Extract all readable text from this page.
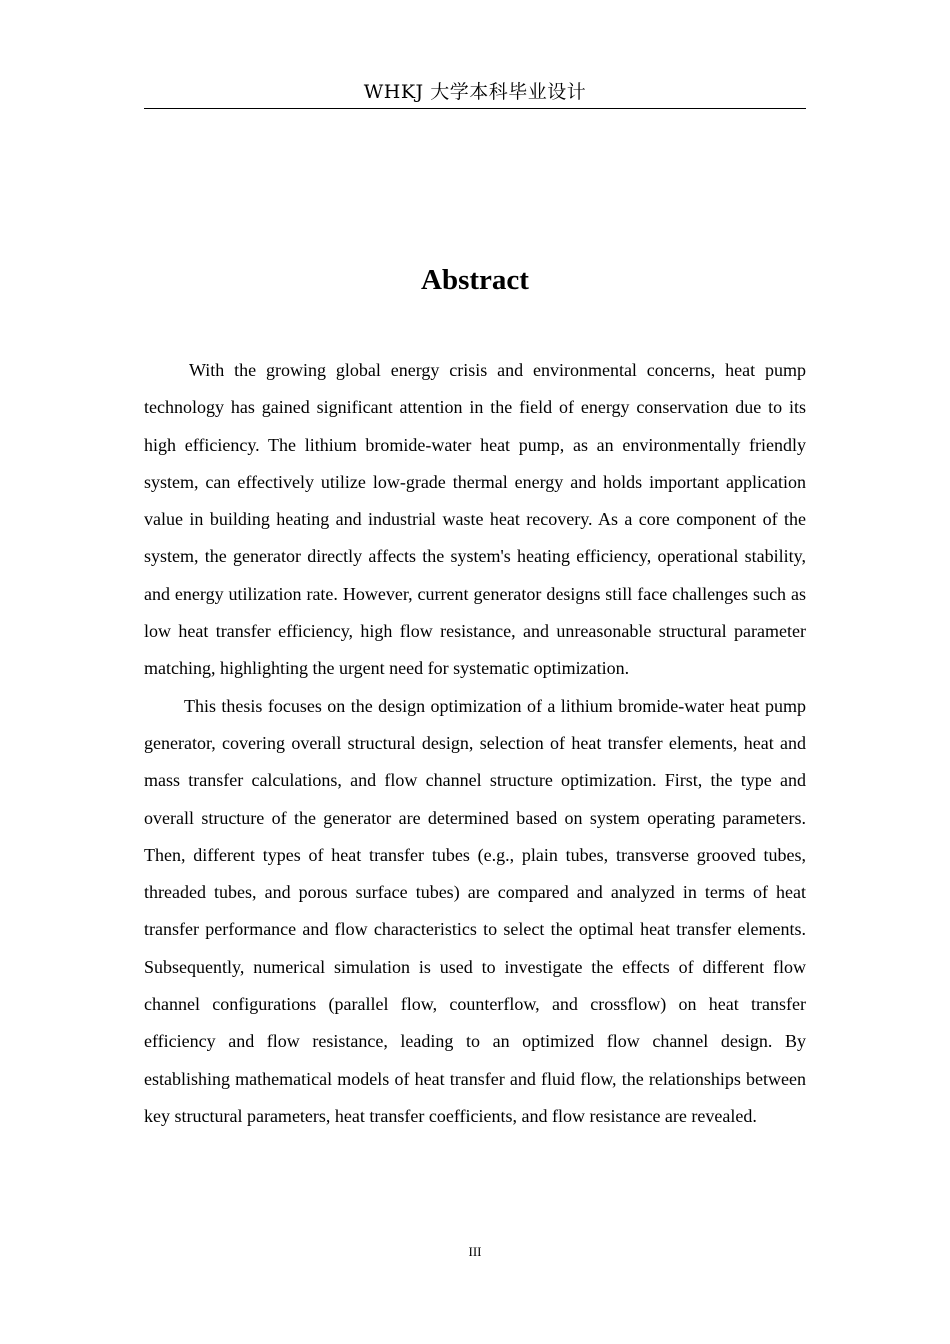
WHKJ 大学本科毕业设计
Abstract

With the growing global energy crisis and environmental concerns, heat pump technology has gained significant attention in the field of energy conservation due to its high efficiency. The lithium bromide-water heat pump, as an environmentally friendly system, can effectively utilize low-grade thermal energy and holds important application value in building heating and industrial waste heat recovery. As a core component of the system, the generator directly affects the system's heating efficiency, operational stability, and energy utilization rate. However, current generator designs still face challenges such as low heat transfer efficiency, high flow resistance, and unreasonable structural parameter matching, highlighting the urgent need for systematic optimization.

This thesis focuses on the design optimization of a lithium bromide-water heat pump generator, covering overall structural design, selection of heat transfer elements, heat and mass transfer calculations, and flow channel structure optimization. First, the type and overall structure of the generator are determined based on system operating parameters. Then, different types of heat transfer tubes (e.g., plain tubes, transverse grooved tubes, threaded tubes, and porous surface tubes) are compared and analyzed in terms of heat transfer performance and flow characteristics to select the optimal heat transfer elements. Subsequently, numerical simulation is used to investigate the effects of different flow channel configurations (parallel flow, counterflow, and crossflow) on heat transfer efficiency and flow resistance, leading to an optimized flow channel design. By establishing mathematical models of heat transfer and fluid flow, the relationships between key structural parameters, heat transfer coefficients, and flow resistance are revealed.

III
